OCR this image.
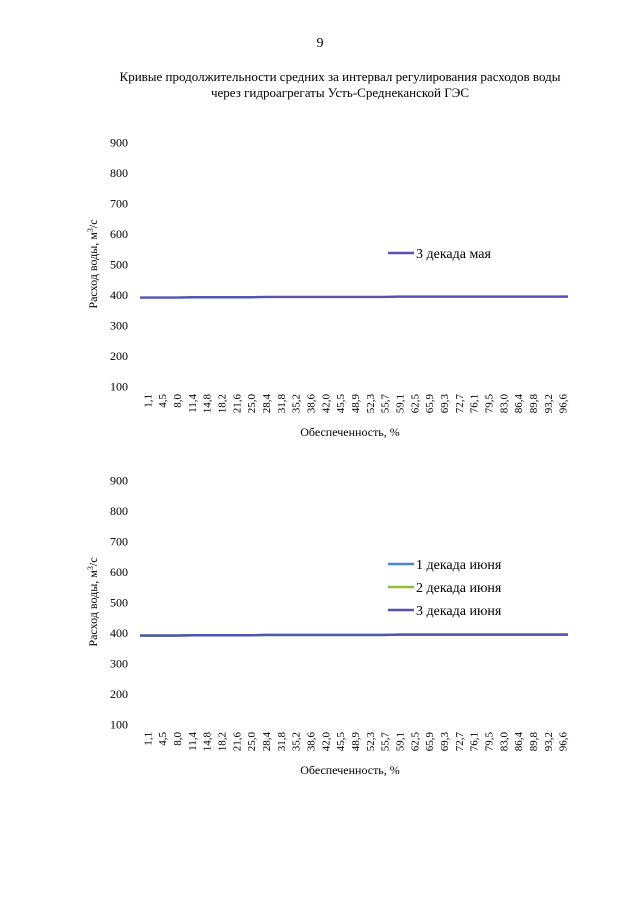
9
Кривые продолжительности средних за интервал регулирования расходов воды
через гидроагрегаты Усть-Среднеканской ГЭС
100
200
300
400
500
600
700
800
900
Расход воды, $м^3/с$
1,1 4,5 8,0 11,4 14,8 18,2 21,6 25,0 28,4 31,8 35,2 38,6 42,0 45,5 48,9 52,3 55,7 59,1 62,5 65,9 69,3 72,7 76,1 79,5 83,0 86,4 89,8 93,2 96,6
Обеспеченность, %
3 декада мая
100
200
300
400
500
600
700
800
900
Расход воды, $м^3/с$
1,1 4,5 8,0 11,4 14,8 18,2 21,6 25,0 28,4 31,8 35,2 38,6 42,0 45,5 48,9 52,3 55,7 59,1 62,5 65,9 69,3 72,7 76,1 79,5 83,0 86,4 89,8 93,2 96,6
Обеспеченность, %
1 декада июня
2 декада июня
3 декада июня
